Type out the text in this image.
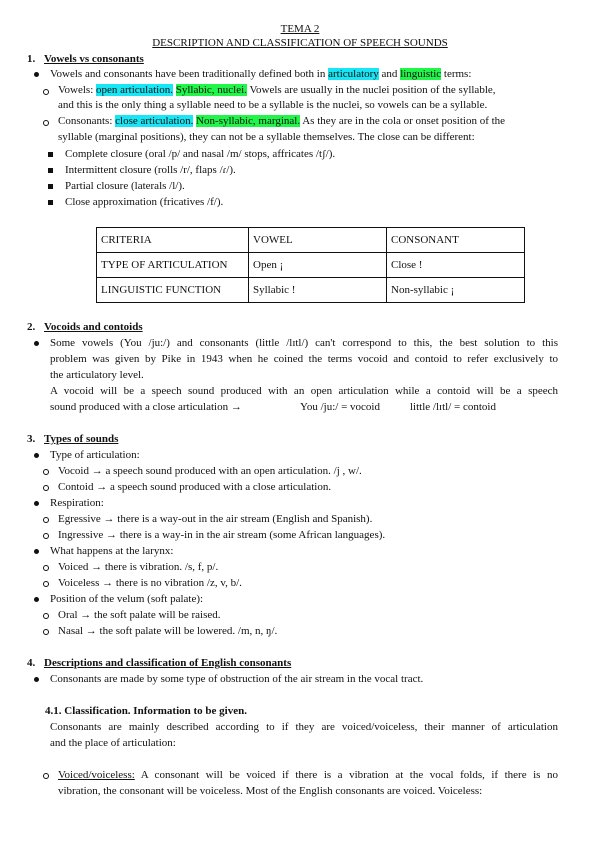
TEMA 2
DESCRIPTION AND CLASSIFICATION OF SPEECH SOUNDS
1. Vowels vs consonants
Vowels and consonants have been traditionally defined both in articulatory and linguistic terms:
Vowels: open articulation. Syllabic, nuclei. Vowels are usually in the nuclei position of the syllable,
and this is the only thing a syllable need to be a syllable is the nuclei, so vowels can be a syllable.
Consonants: close articulation. Non-syllabic, marginal. As they are in the cola or onset position of the
syllable (marginal positions), they can not be a syllable themselves. The close can be different:
Complete closure (oral /p/ and nasal /m/ stops, affricates /tʃ/).
Intermittent closure (rolls /r/, flaps /ɾ/).
Partial closure (laterals /l/).
Close approximation (fricatives /f/).
CRITERIA	VOWEL	CONSONANT
TYPE OF ARTICULATION	Open ¡	Close !
LINGUISTIC FUNCTION	Syllabic !	Non-syllabic ¡
2. Vocoids and contoids
Some vowels (You /ju:/) and consonants (little /lɪtl/) can't correspond to this, the best solution to this
problem was given by Pike in 1943 when he coined the terms vocoid and contoid to refer exclusively to
the articulatory level.
A vocoid will be a speech sound produced with an open articulation while a contoid will be a speech
sound produced with a close articulation →	You /ju:/ = vocoid	little /lɪtl/ = contoid
3. Types of sounds
Type of articulation:
Vocoid → a speech sound produced with an open articulation. /j , w/.
Contoid → a speech sound produced with a close articulation.
Respiration:
Egressive → there is a way-out in the air stream (English and Spanish).
Ingressive → there is a way-in in the air stream (some African languages).
What happens at the larynx:
Voiced → there is vibration. /s, f, p/.
Voiceless → there is no vibration /z, v, b/.
Position of the velum (soft palate):
Oral → the soft palate will be raised.
Nasal → the soft palate will be lowered. /m, n, ŋ/.
4. Descriptions and classification of English consonants
Consonants are made by some type of obstruction of the air stream in the vocal tract.
4.1. Classification. Information to be given.
Consonants are mainly described according to if they are voiced/voiceless, their manner of articulation
and the place of articulation:
Voiced/voiceless: A consonant will be voiced if there is a vibration at the vocal folds, if there is no
vibration, the consonant will be voiceless. Most of the English consonants are voiced. Voiceless:
